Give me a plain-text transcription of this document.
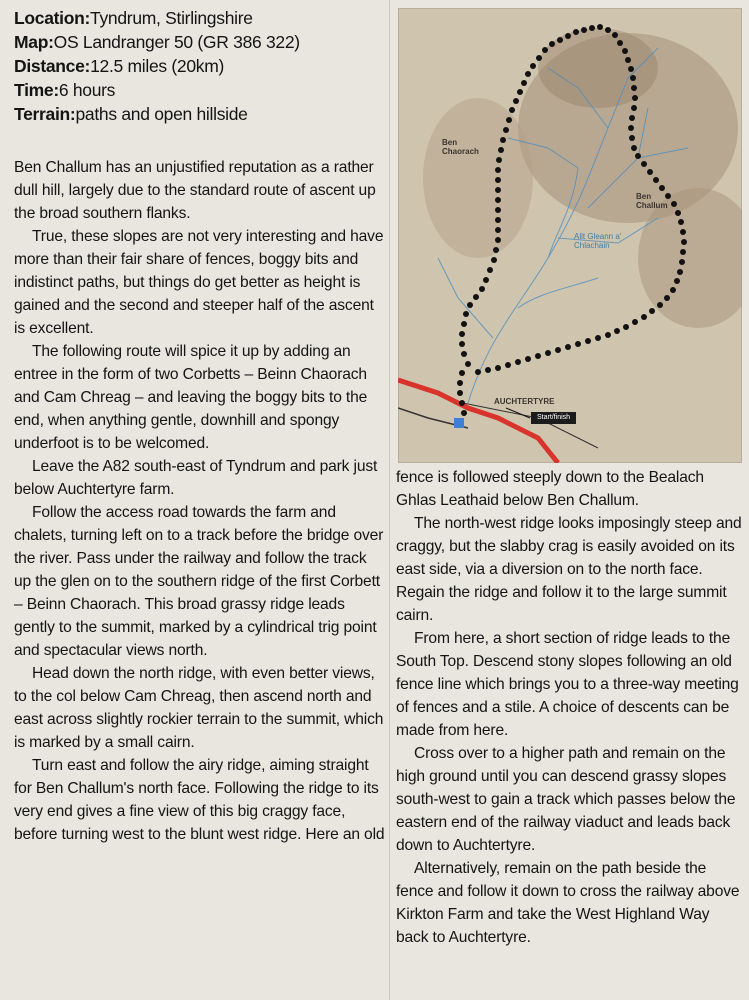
Location:Tyndrum, Stirlingshire
Map:OS Landranger 50 (GR 386 322)
Distance:12.5 miles (20km)
Time:6 hours
Terrain:paths and open hillside

Ben Challum has an unjustified reputation as a rather dull hill, largely due to the standard route of ascent up the broad southern flanks.

True, these slopes are not very interesting and have more than their fair share of fences, boggy bits and indistinct paths, but things do get better as height is gained and the second and steeper half of the ascent is excellent.

The following route will spice it up by adding an entree in the form of two Corbetts – Beinn Chaorach and Cam Chreag – and leaving the boggy bits to the end, when anything gentle, downhill and spongy underfoot is to be welcomed.

Leave the A82 south-east of Tyndrum and park just below Auchtertyre farm.

Follow the access road towards the farm and chalets, turning left on to a track before the bridge over the river. Pass under the railway and follow the track up the glen on to the southern ridge of the first Corbett – Beinn Chaorach. This broad grassy ridge leads gently to the summit, marked by a cylindrical trig point and spectacular views north.

Head down the north ridge, with even better views, to the col below Cam Chreag, then ascend north and east across slightly rockier terrain to the summit, which is marked by a small cairn.

Turn east and follow the airy ridge, aiming straight for Ben Challum's north face. Following the ridge to its very end gives a fine view of this big craggy face, before turning west to the blunt west ridge. Here an old

Ben Chaorach
Ben Challum
Allt Gleann a' Chlachain
AUCHTERTYRE
Start/finish

fence is followed steeply down to the Bealach Ghlas Leathaid below Ben Challum.

The north-west ridge looks imposingly steep and craggy, but the slabby crag is easily avoided on its east side, via a diversion on to the north face. Regain the ridge and follow it to the large summit cairn.

From here, a short section of ridge leads to the South Top. Descend stony slopes following an old fence line which brings you to a three-way meeting of fences and a stile. A choice of descents can be made from here.

Cross over to a higher path and remain on the high ground until you can descend grassy slopes south-west to gain a track which passes below the eastern end of the railway viaduct and leads back down to Auchtertyre.

Alternatively, remain on the path beside the fence and follow it down to cross the railway above Kirkton Farm and take the West Highland Way back to Auchtertyre.
